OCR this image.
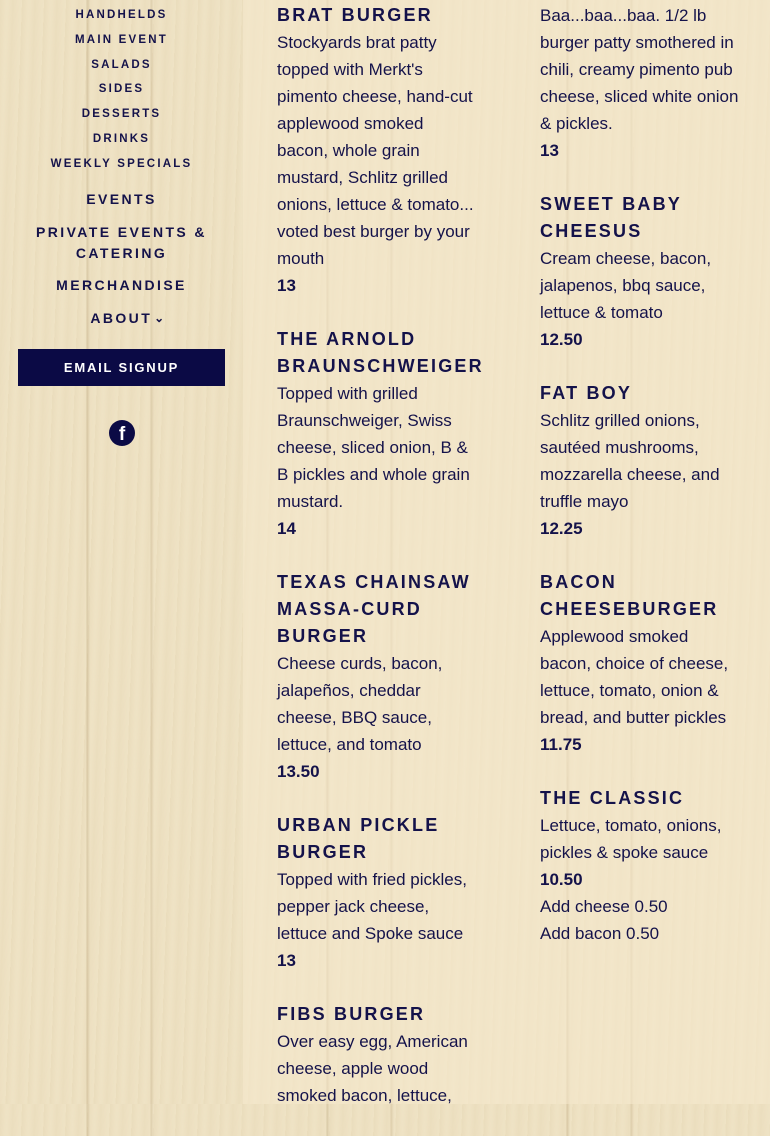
HANDHELDS
MAIN EVENT
SALADS
SIDES
DESSERTS
DRINKS
WEEKLY SPECIALS
EVENTS
PRIVATE EVENTS & CATERING
MERCHANDISE
ABOUT ⌄
EMAIL SIGNUP
f
BRAT BURGER

Stockyards brat patty topped with Merkt's pimento cheese, hand-cut applewood smoked bacon, whole grain mustard, Schlitz grilled onions, lettuce & tomato... voted best burger by your mouth

13

THE ARNOLD BRAUNSCHWEIGER

Topped with grilled Braunschweiger, Swiss cheese, sliced onion, B & B pickles and whole grain mustard.

14

TEXAS CHAINSAW MASSA-CURD BURGER

Cheese curds, bacon, jalapeños, cheddar cheese, BBQ sauce, lettuce, and tomato

13.50

URBAN PICKLE BURGER

Topped with fried pickles, pepper jack cheese, lettuce and Spoke sauce

13

FIBS BURGER

Over easy egg, American cheese, apple wood smoked bacon, lettuce,

Baa...baa...baa. 1/2 lb burger patty smothered in chili, creamy pimento pub cheese, sliced white onion & pickles.

13

SWEET BABY CHEESUS

Cream cheese, bacon, jalapenos, bbq sauce, lettuce & tomato

12.50

FAT BOY

Schlitz grilled onions, sautéed mushrooms, mozzarella cheese, and truffle mayo

12.25

BACON CHEESEBURGER

Applewood smoked bacon, choice of cheese, lettuce, tomato, onion & bread, and butter pickles

11.75

THE CLASSIC

Lettuce, tomato, onions, pickles & spoke sauce

10.50

Add cheese 0.50

Add bacon 0.50
